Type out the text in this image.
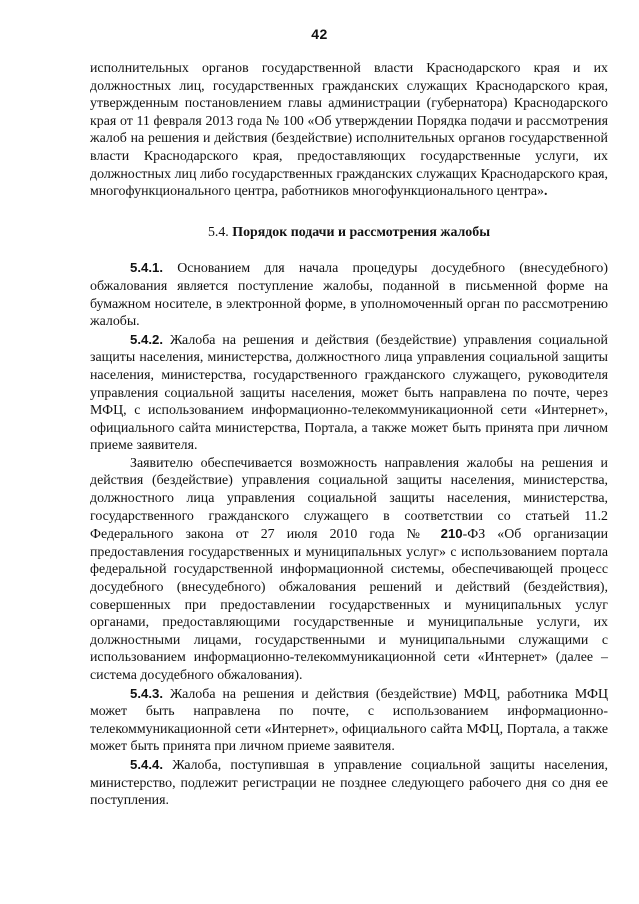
42

исполнительных органов государственной власти Краснодарского края и их должностных лиц, государственных гражданских служащих Краснодарского края, утвержденным постановлением главы администрации (губернатора) Краснодарского края от 11 февраля 2013 года № 100 «Об утверждении Порядка подачи и рассмотрения жалоб на решения и действия (бездействие) исполнительных органов государственной власти Краснодарского края, предоставляющих государственные услуги, их должностных лиц либо государственных гражданских служащих Краснодарского края, многофункционального центра, работников многофункционального центра».

5.4. Порядок подачи и рассмотрения жалобы

5.4.1. Основанием для начала процедуры досудебного (внесудебного) обжалования является поступление жалобы, поданной в письменной форме на бумажном носителе, в электронной форме, в уполномоченный орган по рассмотрению жалобы.

5.4.2. Жалоба на решения и действия (бездействие) управления социальной защиты населения, министерства, должностного лица управления социальной защиты населения, министерства, государственного гражданского служащего, руководителя управления социальной защиты населения, может быть направлена по почте, через МФЦ, с использованием информационно-телекоммуникационной сети «Интернет», официального сайта министерства, Портала, а также может быть принята при личном приеме заявителя.

Заявителю обеспечивается возможность направления жалобы на решения и действия (бездействие) управления социальной защиты населения, министерства, должностного лица управления социальной защиты населения, министерства, государственного гражданского служащего в соответствии со статьей 11.2 Федерального закона от 27 июля 2010 года № 210-ФЗ «Об организации предоставления государственных и муниципальных услуг» с использованием портала федеральной государственной информационной системы, обеспечивающей процесс досудебного (внесудебного) обжалования решений и действий (бездействия), совершенных при предоставлении государственных и муниципальных услуг органами, предоставляющими государственные и муниципальные услуги, их должностными лицами, государственными и муниципальными служащими с использованием информационно-телекоммуникационной сети «Интернет» (далее – система досудебного обжалования).

5.4.3. Жалоба на решения и действия (бездействие) МФЦ, работника МФЦ может быть направлена по почте, с использованием информационно-телекоммуникационной сети «Интернет», официального сайта МФЦ, Портала, а также может быть принята при личном приеме заявителя.

5.4.4. Жалоба, поступившая в управление социальной защиты населения, министерство, подлежит регистрации не позднее следующего рабочего дня со дня ее поступления.
